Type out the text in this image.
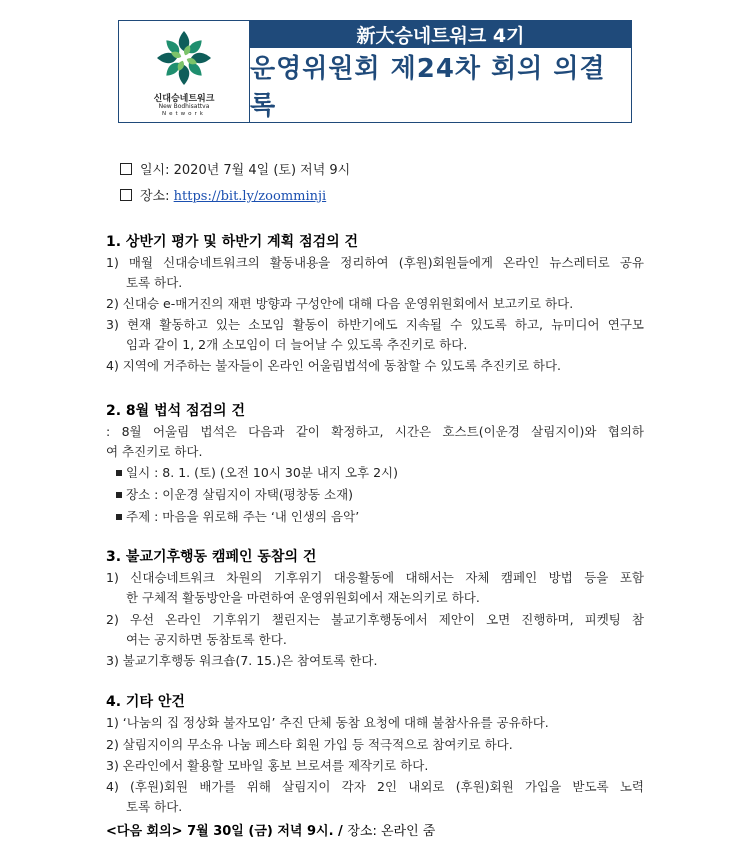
신대승네트워크
New Bodhisattva
Network
新大승네트워크 4기
운영위원회 제24차 회의 의결록
일시: 2020년 7월 4일 (토) 저녁 9시
장소: https://bit.ly/zoomminji
1. 상반기 평가 및 하반기 계획 점검의 건
1) 매월 신대승네트워크의 활동내용을 정리하여 (후원)회원들에게 온라인 뉴스레터로 공유
토록 하다.
2) 신대승 e-매거진의 재편 방향과 구성안에 대해 다음 운영위원회에서 보고키로 하다.
3) 현재 활동하고 있는 소모임 활동이 하반기에도 지속될 수 있도록 하고, 뉴미디어 연구모
임과 같이 1, 2개 소모임이 더 늘어날 수 있도록 추진키로 하다.
4) 지역에 거주하는 불자들이 온라인 어울림법석에 동참할 수 있도록 추진키로 하다.
2. 8월 법석 점검의 건
: 8월 어울림 법석은 다음과 같이 확정하고, 시간은 호스트(이운경 살림지이)와 협의하
여 추진키로 하다.
일시 : 8. 1. (토) (오전 10시 30분 내지 오후 2시)
장소 : 이운경 살림지이 자택(평창동 소재)
주제 : 마음을 위로해 주는 ‘내 인생의 음악’
3. 불교기후행동 캠페인 동참의 건
1) 신대승네트워크 차원의 기후위기 대응활동에 대해서는 자체 캠페인 방법 등을 포함
한 구체적 활동방안을 마련하여 운영위원회에서 재논의키로 하다.
2) 우선 온라인 기후위기 챌린지는 불교기후행동에서 제안이 오면 진행하며, 피켓팅 참
여는 공지하면 동참토록 한다.
3) 불교기후행동 워크숍(7. 15.)은 참여토록 한다.
4. 기타 안건
1) ‘나눔의 집 정상화 불자모임’ 추진 단체 동참 요청에 대해 불참사유를 공유하다.
2) 살림지이의 무소유 나눔 페스타 회원 가입 등 적극적으로 참여키로 하다.
3) 온라인에서 활용할 모바일 홍보 브로셔를 제작키로 하다.
4) (후원)회원 배가를 위해 살림지이 각자 2인 내외로 (후원)회원 가입을 받도록 노력
토록 하다.
<다음 회의> 7월 30일 (금) 저녁 9시. / 장소: 온라인 줌
